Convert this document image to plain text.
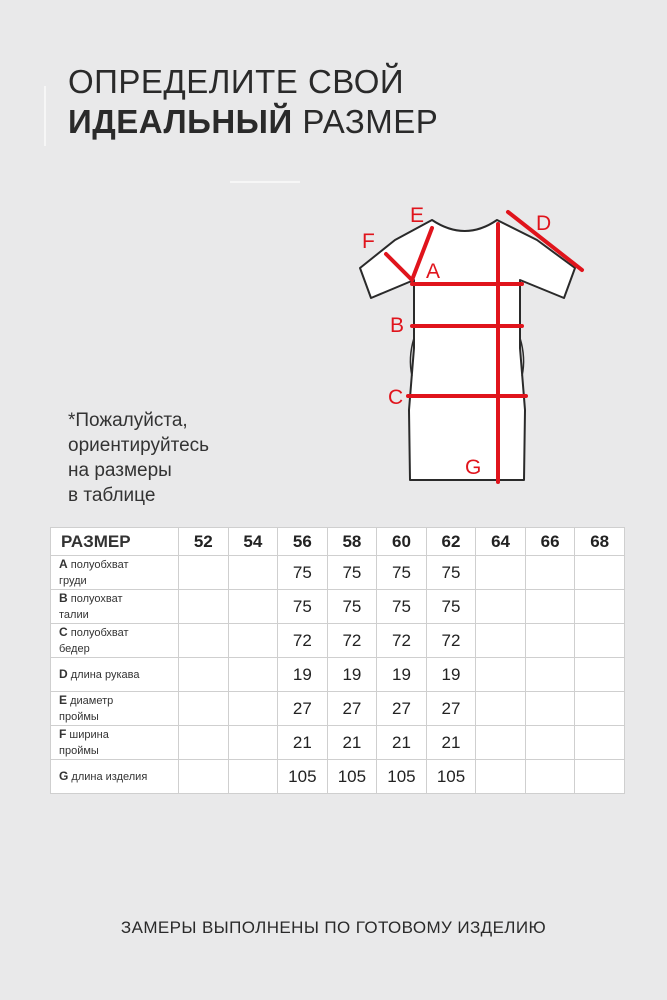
ОПРЕДЕЛИТЕ СВОЙ
ИДЕАЛЬНЫЙ РАЗМЕР
E	D
F
A
B
C
G
*Пожалуйста,
ориентируйтесь
на размеры
в таблице
РАЗМЕР	52	54	56	58	60	62	64	66	68
A полуобхват
груди			75	75	75	75			
B полуохват
талии			75	75	75	75			
C полуобхват
бедер			72	72	72	72			
D длина рукава			19	19	19	19			
E диаметр
проймы			27	27	27	27			
F ширина
проймы			21	21	21	21			
G длина изделия			105	105	105	105			
ЗАМЕРЫ ВЫПОЛНЕНЫ ПО ГОТОВОМУ ИЗДЕЛИЮ
